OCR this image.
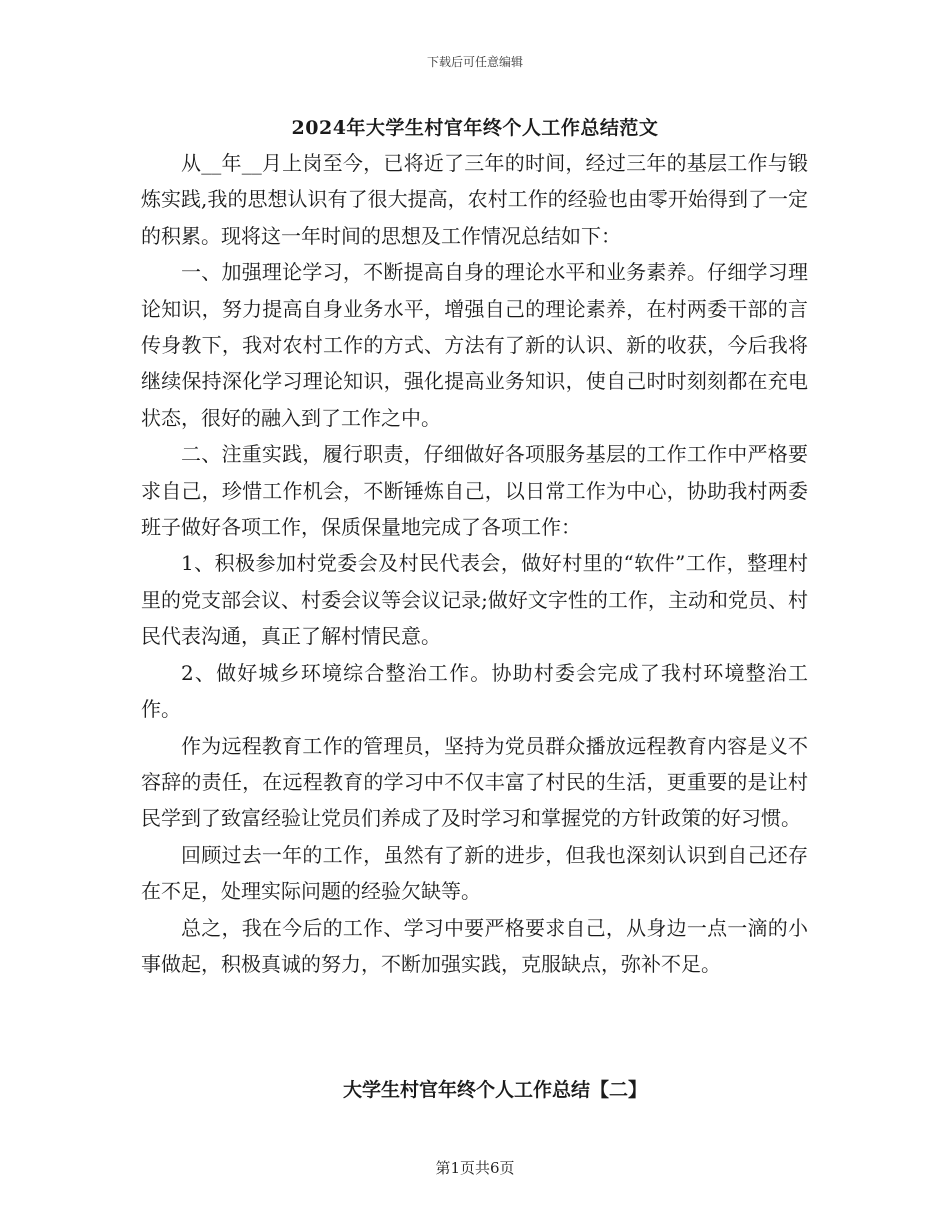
下载后可任意编辑
2024年大学生村官年终个人工作总结范文

从__年__月上岗至今，已将近了三年的时间，经过三年的基层工作与锻炼实践,我的思想认识有了很大提高，农村工作的经验也由零开始得到了一定的积累。现将这一年时间的思想及工作情况总结如下：

一、加强理论学习，不断提高自身的理论水平和业务素养。仔细学习理论知识，努力提高自身业务水平，增强自己的理论素养，在村两委干部的言传身教下，我对农村工作的方式、方法有了新的认识、新的收获，今后我将继续保持深化学习理论知识，强化提高业务知识，使自己时时刻刻都在充电状态，很好的融入到了工作之中。

二、注重实践，履行职责，仔细做好各项服务基层的工作工作中严格要求自己，珍惜工作机会，不断锤炼自己，以日常工作为中心，协助我村两委班子做好各项工作，保质保量地完成了各项工作：

1、积极参加村党委会及村民代表会，做好村里的“软件”工作，整理村里的党支部会议、村委会议等会议记录;做好文字性的工作，主动和党员、村民代表沟通，真正了解村情民意。

2、做好城乡环境综合整治工作。协助村委会完成了我村环境整治工作。

作为远程教育工作的管理员，坚持为党员群众播放远程教育内容是义不容辞的责任，在远程教育的学习中不仅丰富了村民的生活，更重要的是让村民学到了致富经验让党员们养成了及时学习和掌握党的方针政策的好习惯。

回顾过去一年的工作，虽然有了新的进步，但我也深刻认识到自己还存在不足，处理实际问题的经验欠缺等。

总之，我在今后的工作、学习中要严格要求自己，从身边一点一滴的小事做起，积极真诚的努力，不断加强实践，克服缺点，弥补不足。

大学生村官年终个人工作总结【二】
第1页共6页
